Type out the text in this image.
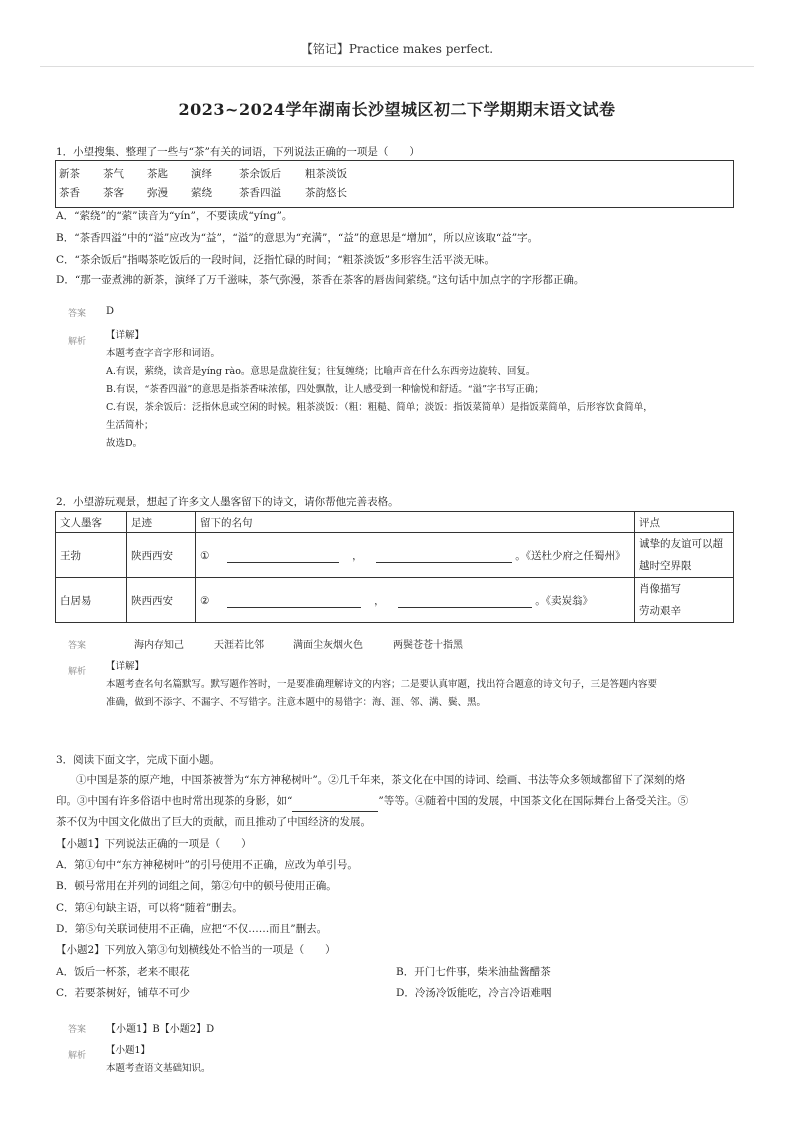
【铭记】Practice makes perfect.
2023~2024学年湖南长沙望城区初二下学期期末语文试卷
1．小望搜集、整理了一些与“茶”有关的词语，下列说法正确的一项是（　　）
新茶 茶气 茶匙 演绎	茶余饭后 粗茶淡饭
茶香 茶客 弥漫 萦绕	茶香四溢 茶韵悠长
A．“萦绕”的“萦”读音为“yín”，不要读成“yíng”。
B．“茶香四溢”中的“溢”应改为“益”，“溢”的意思为“充满”，“益”的意思是“增加”，所以应该取“益”字。
C．“茶余饭后”指喝茶吃饭后的一段时间，泛指忙碌的时间；“粗茶淡饭”多形容生活平淡无味。
D．“那一壶煮沸的新茶，演绎了万千滋味，茶气弥漫，茶香在茶客的唇齿间萦绕。”这句话中加点字的字形都正确。
答案 D
解析
【详解】
本题考查字音字形和词语。
A.有误，萦绕，读音是yíng rào。意思是盘旋往复；往复缠绕；比喻声音在什么东西旁边旋转、回复。
B.有误，“茶香四溢”的意思是指茶香味浓郁，四处飘散，让人感受到一种愉悦和舒适。“溢”字书写正确；
C.有误，茶余饭后：泛指休息或空闲的时候。粗茶淡饭：（粗：粗糙、简单；淡饭：指饭菜简单）是指饭菜简单，后形容饮食简单，
生活简朴；
故选D。
2．小望游玩观景，想起了许多文人墨客留下的诗文，请你帮他完善表格。
文人墨客	足迹	留下的名句	评点
王勃	陕西西安	① ， 。《送杜少府之任蜀州》	诚挚的友谊可以超
越时空界限

白居易	陕西西安	② ， 。《卖炭翁》	肖像描写
劳动艰辛
答案	海内存知己	天涯若比邻	满面尘灰烟火色	两鬓苍苍十指黑
解析 【详解】
本题考查名句名篇默写。默写题作答时，一是要准确理解诗文的内容；二是要认真审题，找出符合题意的诗文句子，三是答题内容要
准确，做到不添字、不漏字、不写错字。注意本题中的易错字：海、涯、邻、满、鬓、黑。
3．阅读下面文字，完成下面小题。
①中国是茶的原产地，中国茶被誉为“东方神秘树叶”。②几千年来，茶文化在中国的诗词、绘画、书法等众多领域都留下了深刻的烙
印。③中国有许多俗语中也时常出现茶的身影，如“	”等等。④随着中国的发展，中国茶文化在国际舞台上备受关注。⑤
茶不仅为中国文化做出了巨大的贡献，而且推动了中国经济的发展。
【小题1】下列说法正确的一项是（　　）
A．第①句中“东方神秘树叶”的引号使用不正确，应改为单引号。
B．顿号常用在并列的词组之间，第②句中的顿号使用正确。
C．第④句缺主语，可以将“随着”删去。
D．第⑤句关联词使用不正确，应把“不仅……而且”删去。
【小题2】下列放入第③句划横线处不恰当的一项是（　　）
A．饭后一杯茶，老来不眼花	B．开门七件事，柴米油盐酱醋茶
C．若要茶树好，铺草不可少	D．冷汤冷饭能吃，冷言冷语难咽
答案 【小题1】B【小题2】D
解析 【小题1】
本题考查语文基础知识。
